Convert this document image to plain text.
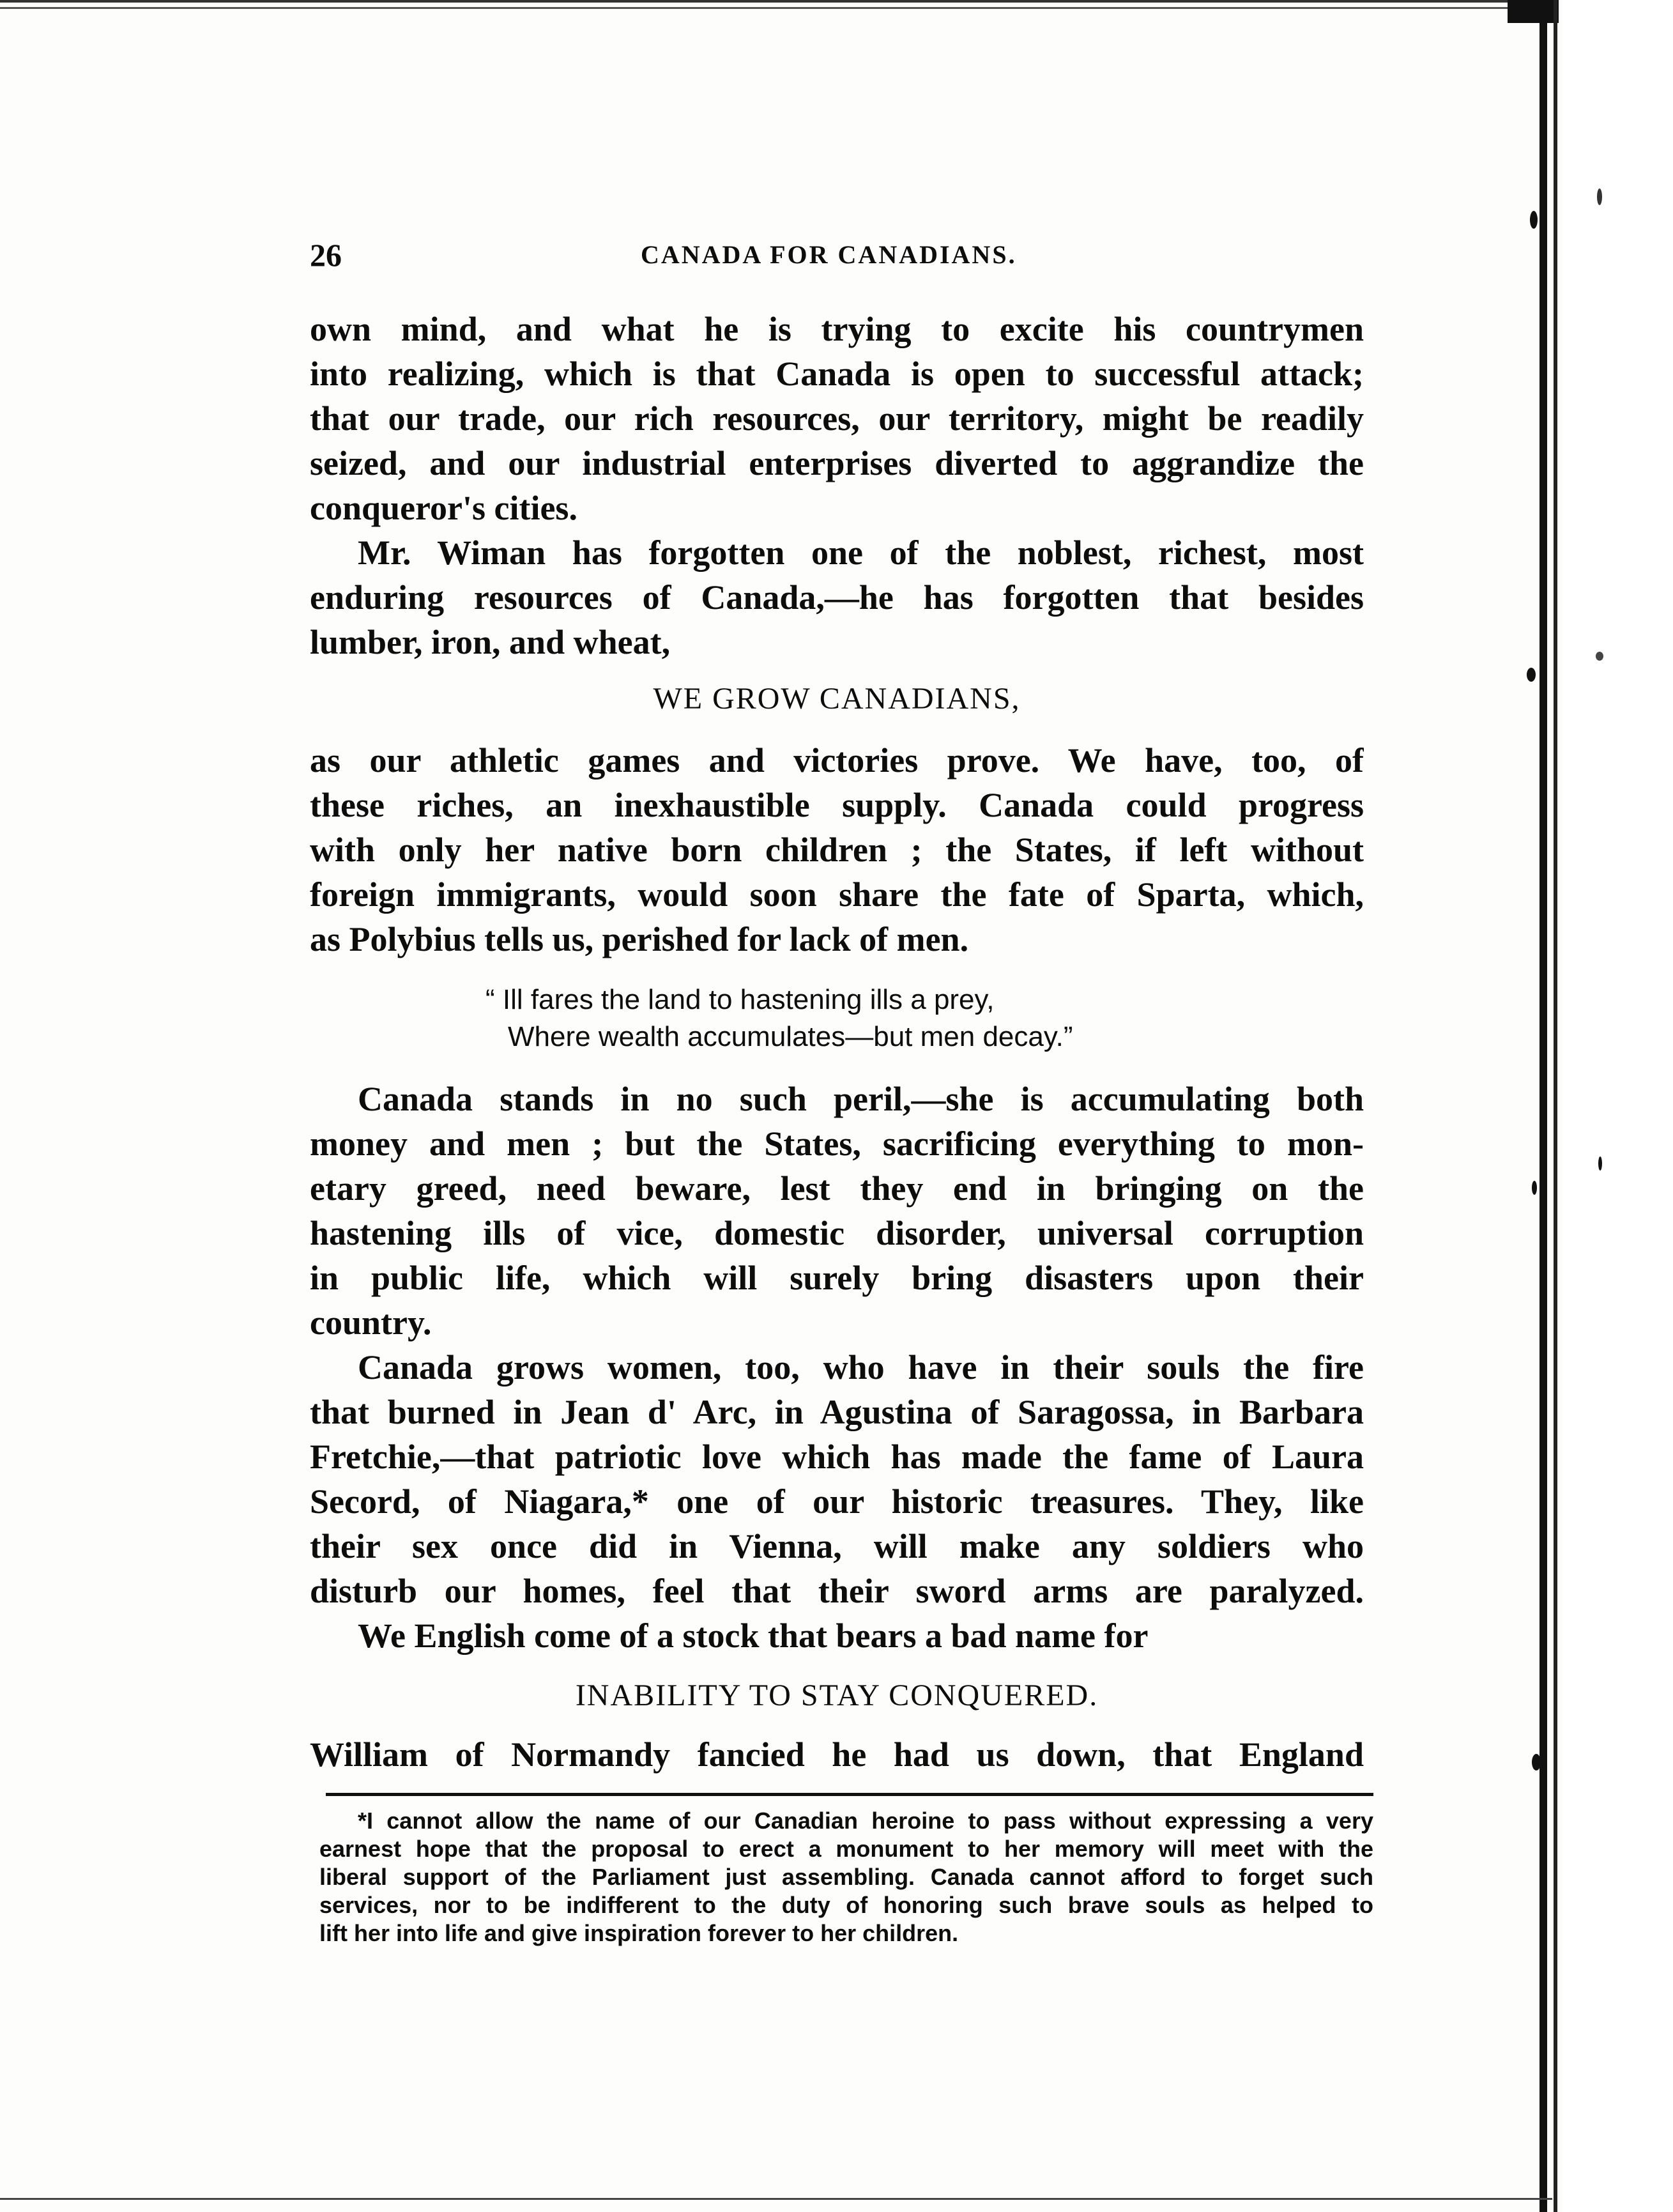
26	CANADA FOR CANADIANS.
own mind, and what he is trying to excite his countrymen
into realizing, which is that Canada is open to successful attack;
that our trade, our rich resources, our territory, might be readily
seized, and our industrial enterprises diverted to aggrandize the
conqueror's cities.
Mr. Wiman has forgotten one of the noblest, richest, most
enduring resources of Canada,—he has forgotten that besides
lumber, iron, and wheat,
WE GROW CANADIANS,
as our athletic games and victories prove. We have, too, of
these riches, an inexhaustible supply. Canada could progress
with only her native born children ; the States, if left without
foreign immigrants, would soon share the fate of Sparta, which,
as Polybius tells us, perished for lack of men.
“ Ill fares the land to hastening ills a prey,
Where wealth accumulates—but men decay.”
Canada stands in no such peril,—she is accumulating both
money and men ; but the States, sacrificing everything to mon-
etary greed, need beware, lest they end in bringing on the
hastening ills of vice, domestic disorder, universal corruption
in public life, which will surely bring disasters upon their
country.
Canada grows women, too, who have in their souls the fire
that burned in Jean d' Arc, in Agustina of Saragossa, in Barbara
Fretchie,—that patriotic love which has made the fame of Laura
Secord, of Niagara,* one of our historic treasures. They, like
their sex once did in Vienna, will make any soldiers who
disturb our homes, feel that their sword arms are paralyzed.
We English come of a stock that bears a bad name for
INABILITY TO STAY CONQUERED.
William of Normandy fancied he had us down, that England
*I cannot allow the name of our Canadian heroine to pass without expressing a very
earnest hope that the proposal to erect a monument to her memory will meet with the
liberal support of the Parliament just assembling. Canada cannot afford to forget such
services, nor to be indifferent to the duty of honoring such brave souls as helped to
lift her into life and give inspiration forever to her children.
